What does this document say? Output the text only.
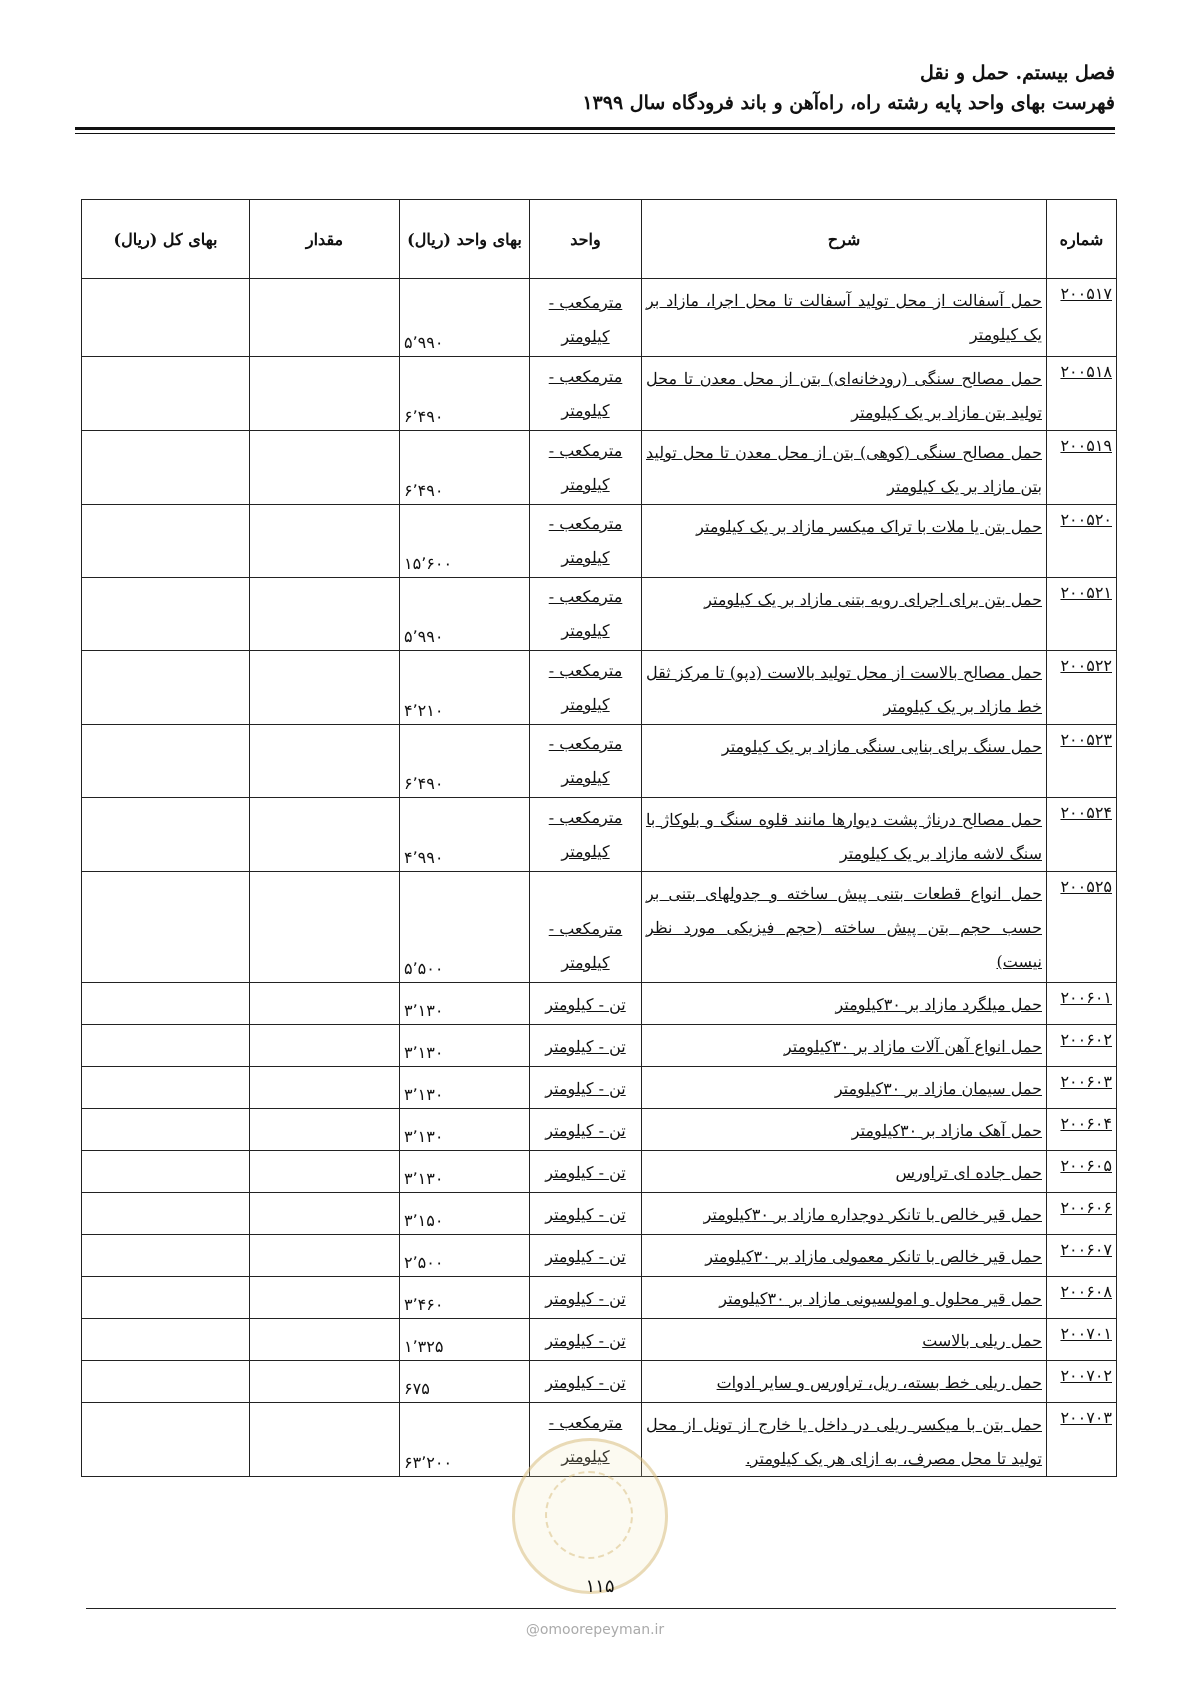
فصل بیستم. حمل و نقل
فهرست بهای واحد پایه رشته راه، راه‌آهن و باند فرودگاه سال ۱۳۹۹
شماره	شرح	واحد	بهای واحد (ریال)	مقدار	بهای کل (ریال)
۲۰۰۵۱۷	حمل آسفالت از محل تولید آسفالت تا محل اجرا، مازاد بر یک کیلومتر	مترمکعب - کیلومتر	۵٬۹۹۰		
۲۰۰۵۱۸	حمل مصالح سنگی (رودخانه‌ای) بتن از محل معدن تا محل تولید بتن مازاد بر یک کیلومتر	مترمکعب - کیلومتر	۶٬۴۹۰		
۲۰۰۵۱۹	حمل مصالح سنگی (کوهی) بتن از محل معدن تا محل تولید بتن مازاد بر یک کیلومتر	مترمکعب - کیلومتر	۶٬۴۹۰		
۲۰۰۵۲۰	حمل بتن یا ملات با تراک میکسر مازاد بر یک کیلومتر	مترمکعب - کیلومتر	۱۵٬۶۰۰		
۲۰۰۵۲۱	حمل بتن برای اجرای رویه بتنی مازاد بر یک کیلومتر	مترمکعب - کیلومتر	۵٬۹۹۰		
۲۰۰۵۲۲	حمل مصالح بالاست از محل تولید بالاست (دپو) تا مرکز ثقل خط مازاد بر یک کیلومتر	مترمکعب - کیلومتر	۴٬۲۱۰		
۲۰۰۵۲۳	حمل سنگ برای بنایی سنگی مازاد بر یک کیلومتر	مترمکعب - کیلومتر	۶٬۴۹۰		
۲۰۰۵۲۴	حمل مصالح درناژ پشت دیوارها مانند قلوه سنگ و بلوکاژ با سنگ لاشه مازاد بر یک کیلومتر	مترمکعب - کیلومتر	۴٬۹۹۰		
۲۰۰۵۲۵	حمل انواع قطعات بتنی پیش ساخته و جدولهای بتنی بر حسب حجم بتن پیش ساخته (حجم فیزیکی مورد نظر نیست)	مترمکعب - کیلومتر	۵٬۵۰۰		
۲۰۰۶۰۱	حمل میلگرد مازاد بر ۳۰کیلومتر	تن - کیلومتر	۳٬۱۳۰		
۲۰۰۶۰۲	حمل انواع آهن آلات مازاد بر ۳۰کیلومتر	تن - کیلومتر	۳٬۱۳۰		
۲۰۰۶۰۳	حمل سیمان مازاد بر ۳۰کیلومتر	تن - کیلومتر	۳٬۱۳۰		
۲۰۰۶۰۴	حمل آهک مازاد بر ۳۰کیلومتر	تن - کیلومتر	۳٬۱۳۰		
۲۰۰۶۰۵	حمل جاده ای تراورس	تن - کیلومتر	۳٬۱۳۰		
۲۰۰۶۰۶	حمل قیر خالص با تانکر دوجداره مازاد بر ۳۰کیلومتر	تن - کیلومتر	۳٬۱۵۰		
۲۰۰۶۰۷	حمل قیر خالص با تانکر معمولی مازاد بر ۳۰کیلومتر	تن - کیلومتر	۲٬۵۰۰		
۲۰۰۶۰۸	حمل قیر محلول و امولسیونی مازاد بر ۳۰کیلومتر	تن - کیلومتر	۳٬۴۶۰		
۲۰۰۷۰۱	حمل ریلی بالاست	تن - کیلومتر	۱٬۳۲۵		
۲۰۰۷۰۲	حمل ریلی خط بسته، ریل، تراورس و سایر ادوات	تن - کیلومتر	۶۷۵		
۲۰۰۷۰۳	حمل بتن با میکسر ریلی در داخل یا خارج از تونل از محل تولید تا محل مصرف، به ازای هر یک کیلومتر.	مترمکعب - کیلومتر	۶۳٬۲۰۰		
۱۱۵
@omoorepeyman.ir
